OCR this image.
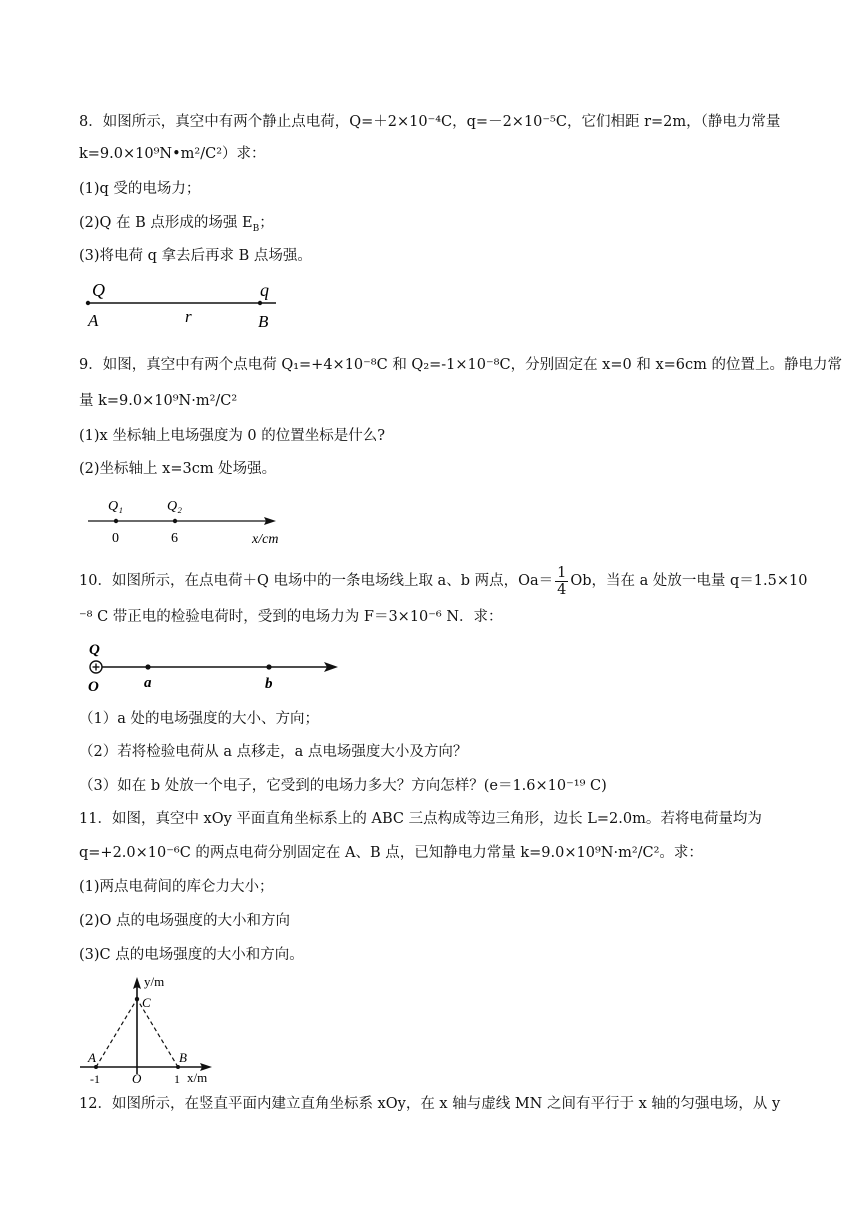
8．如图所示，真空中有两个静止点电荷，Q=＋2×10⁻⁴C，q=－2×10⁻⁵C，它们相距 r=2m，（静电力常量
k=9.0×10⁹N•m²/C²）求：
(1)q 受的电场力；
(2)Q 在 B 点形成的场强 $E_B$；
(3)将电荷 q 拿去后再求 B 点场强。
Q
A	r
q
B
9．如图，真空中有两个点电荷 Q₁=+4×10⁻⁸C 和 Q₂=-1×10⁻⁸C，分别固定在 x=0 和 x=6cm 的位置上。静电力常
量 k=9.0×10⁹N·m²/C²
(1)x 坐标轴上电场强度为 0 的位置坐标是什么?
(2)坐标轴上 x=3cm 处场强。
Q₁	Q₂
0	6	x/cm
10．如图所示，在点电荷＋Q 电场中的一条电场线上取 a、b 两点，$Oa= \frac{1}{4}$ Ob，当在 a 处放一电量 q＝1.5×10
⁻⁸ C 带正电的检验电荷时，受到的电场力为 F＝3×10⁻⁶ N．求：
Q
O	a	b
（1）a 处的电场强度的大小、方向；
（2）若将检验电荷从 a 点移走，a 点电场强度大小及方向？
（3）如在 b 处放一个电子，它受到的电场力多大？方向怎样？(e＝1.6×10⁻¹⁹ C)
11．如图，真空中 xOy 平面直角坐标系上的 ABC 三点构成等边三角形，边长 L=2.0m。若将电荷量均为
q=+2.0×10⁻⁶C 的两点电荷分别固定在 A、B 点，已知静电力常量 k=9.0×10⁹N·m²/C²。求：
(1)两点电荷间的库仑力大小；
(2)O 点的电场强度的大小和方向
(3)C 点的电场强度的大小和方向。
y/m
x/m
C
A	B
O
-1	1
12．如图所示，在竖直平面内建立直角坐标系 xOy，在 x 轴与虚线 MN 之间有平行于 x 轴的匀强电场，从 y
